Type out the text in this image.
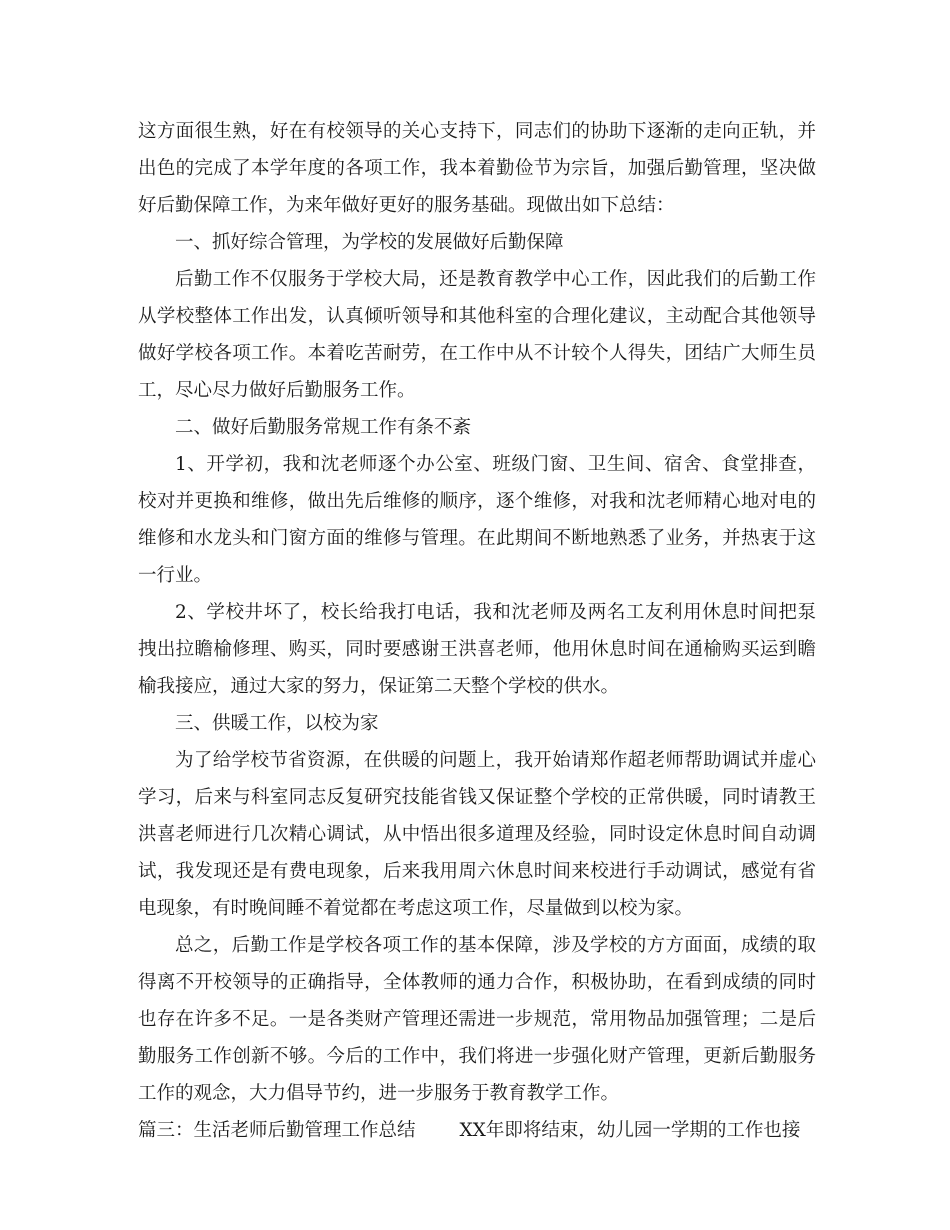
这方面很生熟，好在有校领导的关心支持下，同志们的协助下逐渐的走向正轨，并
出色的完成了本学年度的各项工作，我本着勤俭节为宗旨，加强后勤管理，坚决做
好后勤保障工作，为来年做好更好的服务基础。现做出如下总结：
一、抓好综合管理，为学校的发展做好后勤保障
后勤工作不仅服务于学校大局，还是教育教学中心工作，因此我们的后勤工作
从学校整体工作出发，认真倾听领导和其他科室的合理化建议，主动配合其他领导
做好学校各项工作。本着吃苦耐劳，在工作中从不计较个人得失，团结广大师生员
工，尽心尽力做好后勤服务工作。
二、做好后勤服务常规工作有条不紊
1、开学初，我和沈老师逐个办公室、班级门窗、卫生间、宿舍、食堂排查，
校对并更换和维修，做出先后维修的顺序，逐个维修，对我和沈老师精心地对电的
维修和水龙头和门窗方面的维修与管理。在此期间不断地熟悉了业务，并热衷于这
一行业。
2、学校井坏了，校长给我打电话，我和沈老师及两名工友利用休息时间把泵
拽出拉瞻榆修理、购买，同时要感谢王洪喜老师，他用休息时间在通榆购买运到瞻
榆我接应，通过大家的努力，保证第二天整个学校的供水。
三、供暖工作，以校为家
为了给学校节省资源，在供暖的问题上，我开始请郑作超老师帮助调试并虚心
学习，后来与科室同志反复研究技能省钱又保证整个学校的正常供暖，同时请教王
洪喜老师进行几次精心调试，从中悟出很多道理及经验，同时设定休息时间自动调
试，我发现还是有费电现象，后来我用周六休息时间来校进行手动调试，感觉有省
电现象，有时晚间睡不着觉都在考虑这项工作，尽量做到以校为家。
总之，后勤工作是学校各项工作的基本保障，涉及学校的方方面面，成绩的取
得离不开校领导的正确指导，全体教师的通力合作，积极协助，在看到成绩的同时
也存在许多不足。一是各类财产管理还需进一步规范，常用物品加强管理；二是后
勤服务工作创新不够。今后的工作中，我们将进一步强化财产管理，更新后勤服务
工作的观念，大力倡导节约，进一步服务于教育教学工作。
篇三：生活老师后勤管理工作总结 XX年即将结束，幼儿园一学期的工作也接
